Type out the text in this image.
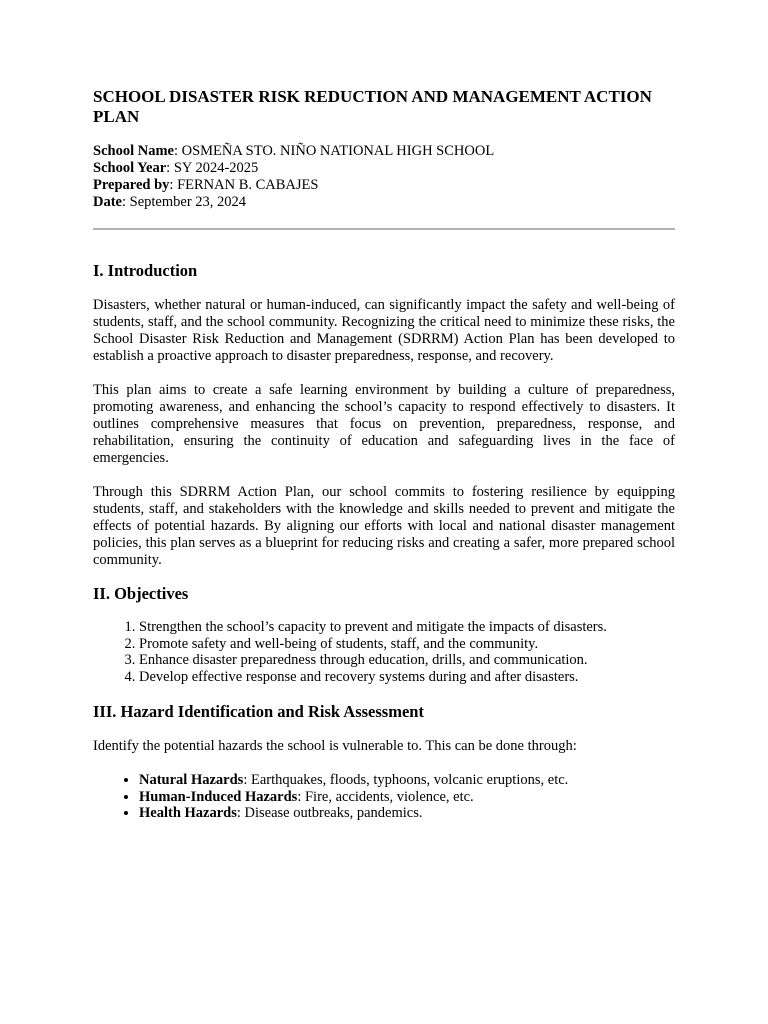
SCHOOL DISASTER RISK REDUCTION AND MANAGEMENT ACTION PLAN

School Name: OSMEÑA STO. NIÑO NATIONAL HIGH SCHOOL

School Year: SY 2024-2025

Prepared by: FERNAN B. CABAJES

Date: September 23, 2024

I. Introduction

Disasters, whether natural or human-induced, can significantly impact the safety and well-being of students, staff, and the school community. Recognizing the critical need to minimize these risks, the School Disaster Risk Reduction and Management (SDRRM) Action Plan has been developed to establish a proactive approach to disaster preparedness, response, and recovery.

This plan aims to create a safe learning environment by building a culture of preparedness, promoting awareness, and enhancing the school’s capacity to respond effectively to disasters. It outlines comprehensive measures that focus on prevention, preparedness, response, and rehabilitation, ensuring the continuity of education and safeguarding lives in the face of emergencies.

Through this SDRRM Action Plan, our school commits to fostering resilience by equipping students, staff, and stakeholders with the knowledge and skills needed to prevent and mitigate the effects of potential hazards. By aligning our efforts with local and national disaster management policies, this plan serves as a blueprint for reducing risks and creating a safer, more prepared school community.

II. Objectives
1. Strengthen the school’s capacity to prevent and mitigate the impacts of disasters.
2. Promote safety and well-being of students, staff, and the community.
3. Enhance disaster preparedness through education, drills, and communication.
4. Develop effective response and recovery systems during and after disasters.
III. Hazard Identification and Risk Assessment

Identify the potential hazards the school is vulnerable to. This can be done through:

• Natural Hazards: Earthquakes, floods, typhoons, volcanic eruptions, etc.
• Human-Induced Hazards: Fire, accidents, violence, etc.
• Health Hazards: Disease outbreaks, pandemics.
